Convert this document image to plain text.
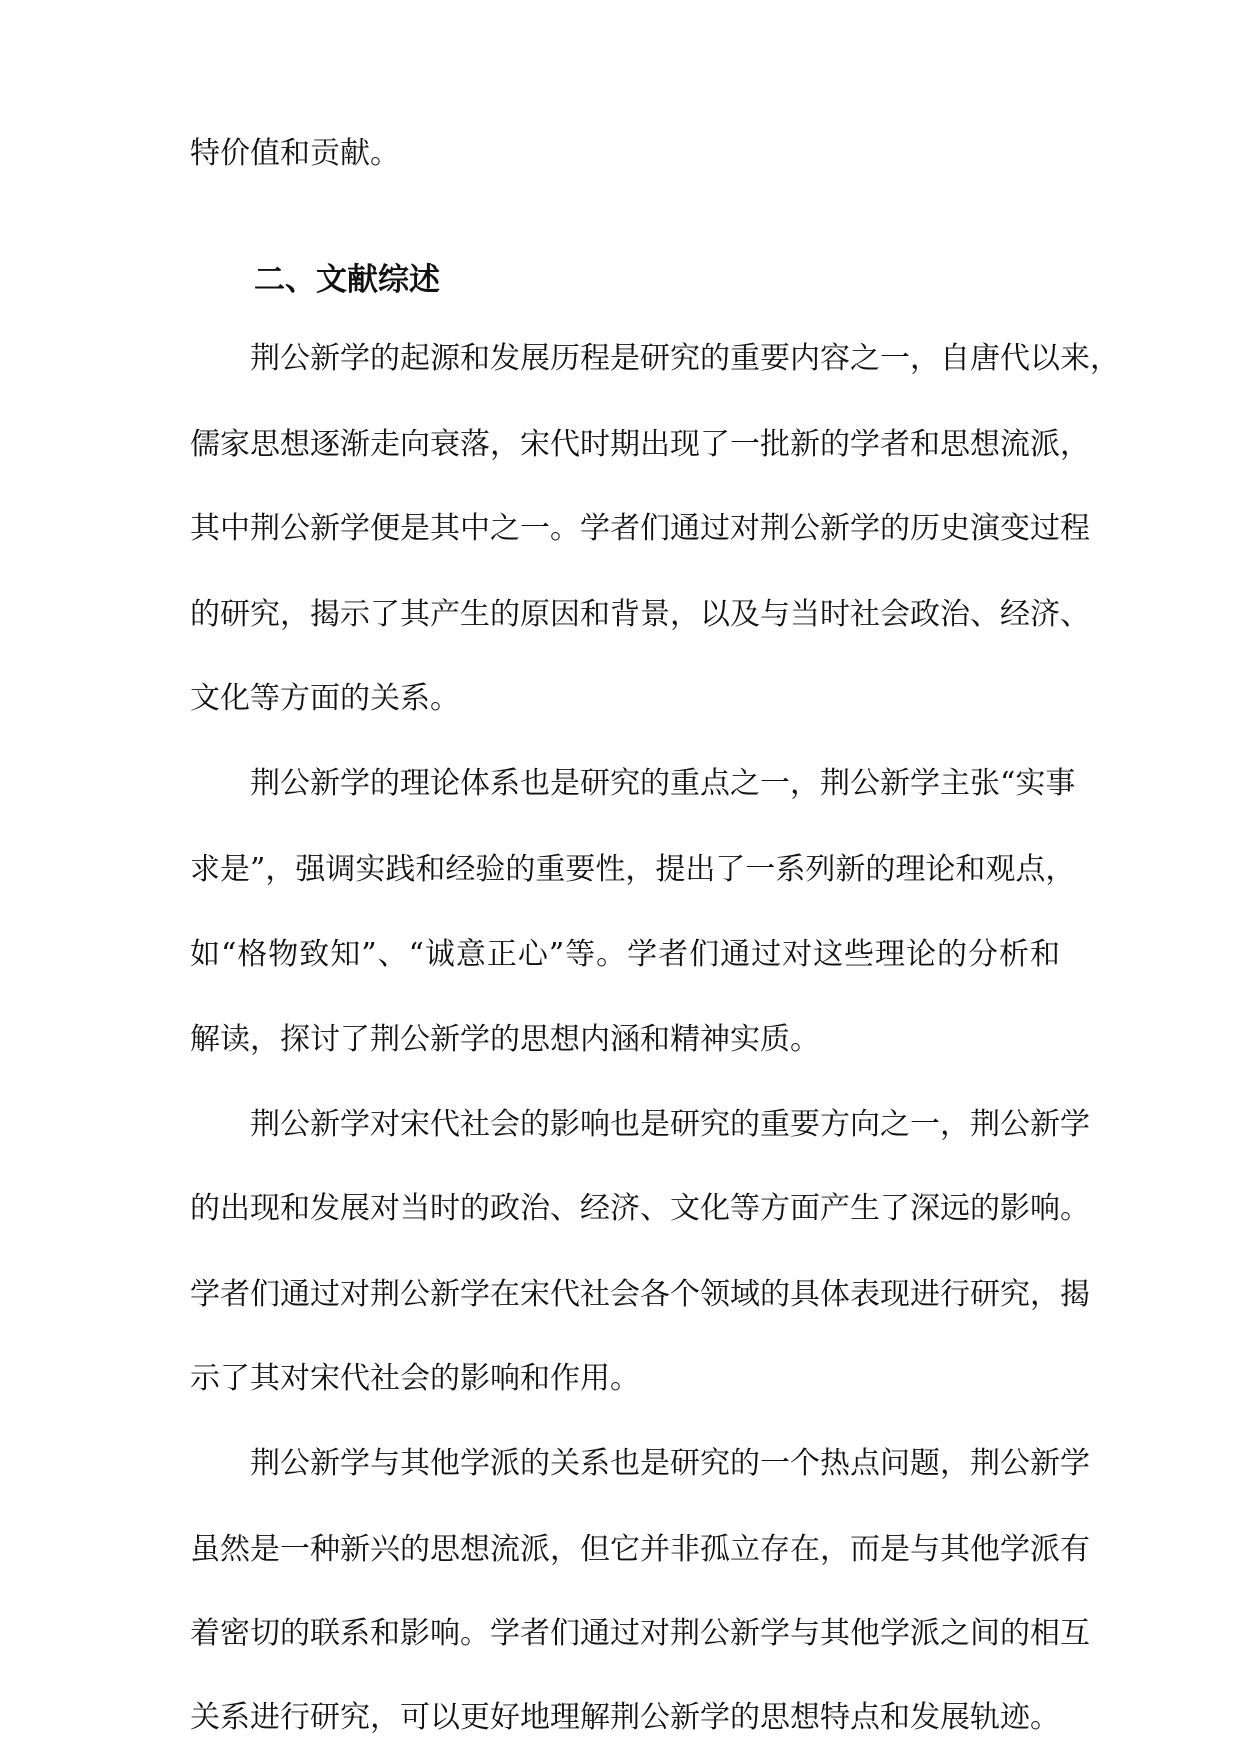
特价值和贡献。

二、文献综述

荆公新学的起源和发展历程是研究的重要内容之一，自唐代以来，

儒家思想逐渐走向衰落，宋代时期出现了一批新的学者和思想流派，

其中荆公新学便是其中之一。学者们通过对荆公新学的历史演变过程

的研究，揭示了其产生的原因和背景，以及与当时社会政治、经济、

文化等方面的关系。

荆公新学的理论体系也是研究的重点之一，荆公新学主张“实事

求是”，强调实践和经验的重要性，提出了一系列新的理论和观点，

如“格物致知”、“诚意正心”等。学者们通过对这些理论的分析和

解读，探讨了荆公新学的思想内涵和精神实质。

荆公新学对宋代社会的影响也是研究的重要方向之一，荆公新学

的出现和发展对当时的政治、经济、文化等方面产生了深远的影响。

学者们通过对荆公新学在宋代社会各个领域的具体表现进行研究，揭

示了其对宋代社会的影响和作用。

荆公新学与其他学派的关系也是研究的一个热点问题，荆公新学

虽然是一种新兴的思想流派，但它并非孤立存在，而是与其他学派有

着密切的联系和影响。学者们通过对荆公新学与其他学派之间的相互

关系进行研究，可以更好地理解荆公新学的思想特点和发展轨迹。
